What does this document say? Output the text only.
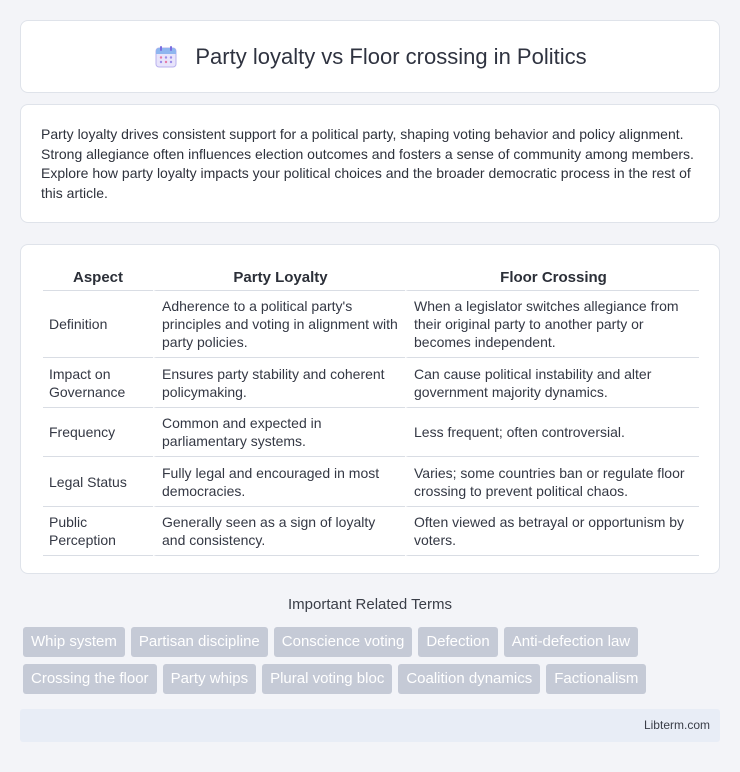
Party loyalty vs Floor crossing in Politics

Party loyalty drives consistent support for a political party, shaping voting behavior and policy alignment. Strong allegiance often influences election outcomes and fosters a sense of community among members. Explore how party loyalty impacts your political choices and the broader democratic process in the rest of this article.

Aspect	Party Loyalty	Floor Crossing
Definition	Adherence to a political party's principles and voting in alignment with party policies.	When a legislator switches allegiance from their original party to another party or becomes independent.
Impact on Governance	Ensures party stability and coherent policymaking.	Can cause political instability and alter government majority dynamics.
Frequency	Common and expected in parliamentary systems.	Less frequent; often controversial.
Legal Status	Fully legal and encouraged in most democracies.	Varies; some countries ban or regulate floor crossing to prevent political chaos.
Public Perception	Generally seen as a sign of loyalty and consistency.	Often viewed as betrayal or opportunism by voters.
Important Related Terms
Whip system	Partisan discipline	Conscience voting	Defection	Anti-defection law
Crossing the floor	Party whips	Plural voting bloc	Coalition dynamics	Factionalism
Libterm.com
